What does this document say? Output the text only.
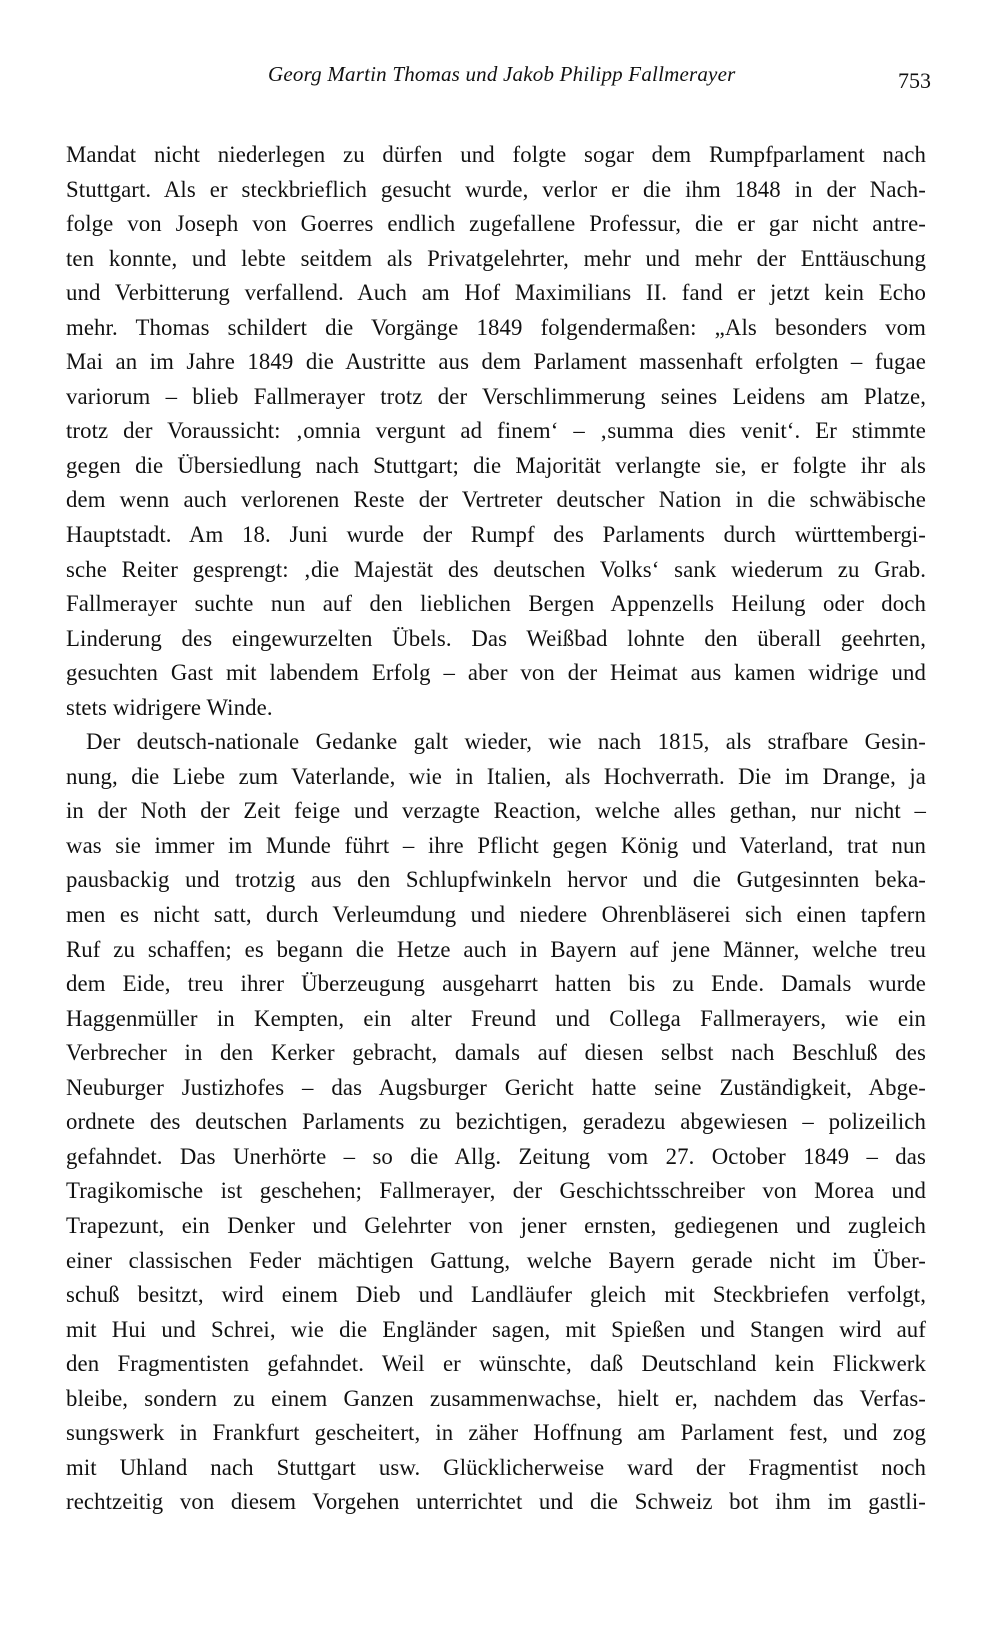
Georg Martin Thomas und Jakob Philipp Fallmerayer	753
Mandat nicht niederlegen zu dürfen und folgte sogar dem Rumpfparlament nach
Stuttgart. Als er steckbrieflich gesucht wurde, verlor er die ihm 1848 in der Nach-
folge von Joseph von Goerres endlich zugefallene Professur, die er gar nicht antre-
ten konnte, und lebte seitdem als Privatgelehrter, mehr und mehr der Enttäuschung
und Verbitterung verfallend. Auch am Hof Maximilians II. fand er jetzt kein Echo
mehr. Thomas schildert die Vorgänge 1849 folgendermaßen: „Als besonders vom
Mai an im Jahre 1849 die Austritte aus dem Parlament massenhaft erfolgten – fugae
variorum – blieb Fallmerayer trotz der Verschlimmerung seines Leidens am Platze,
trotz der Voraussicht: ‚omnia vergunt ad finem‘ – ‚summa dies venit‘. Er stimmte
gegen die Übersiedlung nach Stuttgart; die Majorität verlangte sie, er folgte ihr als
dem wenn auch verlorenen Reste der Vertreter deutscher Nation in die schwäbische
Hauptstadt. Am 18. Juni wurde der Rumpf des Parlaments durch württembergi-
sche Reiter gesprengt: ‚die Majestät des deutschen Volks‘ sank wiederum zu Grab.
Fallmerayer suchte nun auf den lieblichen Bergen Appenzells Heilung oder doch
Linderung des eingewurzelten Übels. Das Weißbad lohnte den überall geehrten,
gesuchten Gast mit labendem Erfolg – aber von der Heimat aus kamen widrige und
stets widrigere Winde.
Der deutsch-nationale Gedanke galt wieder, wie nach 1815, als strafbare Gesin-
nung, die Liebe zum Vaterlande, wie in Italien, als Hochverrath. Die im Drange, ja
in der Noth der Zeit feige und verzagte Reaction, welche alles gethan, nur nicht –
was sie immer im Munde führt – ihre Pflicht gegen König und Vaterland, trat nun
pausbackig und trotzig aus den Schlupfwinkeln hervor und die Gutgesinnten beka-
men es nicht satt, durch Verleumdung und niedere Ohrenbläserei sich einen tapfern
Ruf zu schaffen; es begann die Hetze auch in Bayern auf jene Männer, welche treu
dem Eide, treu ihrer Überzeugung ausgeharrt hatten bis zu Ende. Damals wurde
Haggenmüller in Kempten, ein alter Freund und Collega Fallmerayers, wie ein
Verbrecher in den Kerker gebracht, damals auf diesen selbst nach Beschluß des
Neuburger Justizhofes – das Augsburger Gericht hatte seine Zuständigkeit, Abge-
ordnete des deutschen Parlaments zu bezichtigen, geradezu abgewiesen – polizeilich
gefahndet. Das Unerhörte – so die Allg. Zeitung vom 27. October 1849 – das
Tragikomische ist geschehen; Fallmerayer, der Geschichtsschreiber von Morea und
Trapezunt, ein Denker und Gelehrter von jener ernsten, gediegenen und zugleich
einer classischen Feder mächtigen Gattung, welche Bayern gerade nicht im Über-
schuß besitzt, wird einem Dieb und Landläufer gleich mit Steckbriefen verfolgt,
mit Hui und Schrei, wie die Engländer sagen, mit Spießen und Stangen wird auf
den Fragmentisten gefahndet. Weil er wünschte, daß Deutschland kein Flickwerk
bleibe, sondern zu einem Ganzen zusammenwachse, hielt er, nachdem das Verfas-
sungswerk in Frankfurt gescheitert, in zäher Hoffnung am Parlament fest, und zog
mit Uhland nach Stuttgart usw. Glücklicherweise ward der Fragmentist noch
rechtzeitig von diesem Vorgehen unterrichtet und die Schweiz bot ihm im gastli-
